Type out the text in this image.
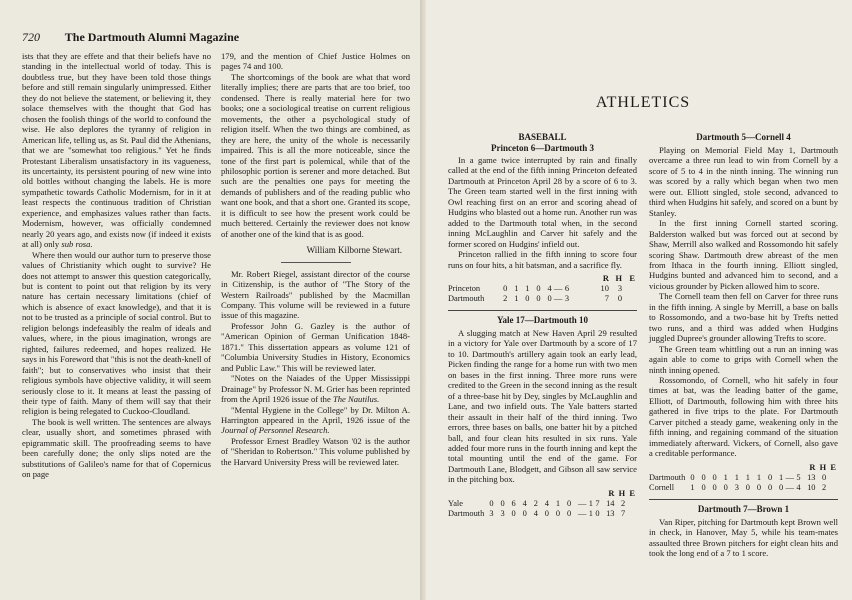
720 The Dartmouth Alumni Magazine

ists that they are effete and that their beliefs have no standing in the intellectual world of today. This is doubtless true, but they have been told those things before and still remain singularly unimpressed. Either they do not believe the statement, or believing it, they solace themselves with the thought that God has chosen the foolish things of the world to confound the wise. He also deplores the tyranny of religion in American life, telling us, as St. Paul did the Athenians, that we are "somewhat too religious." Yet he finds Protestant Liberalism unsatisfactory in its vagueness, its uncertainty, its persistent pouring of new wine into old bottles without changing the labels. He is more sympathetic towards Catholic Modernism, for in it at least respects the continuous tradition of Christian experience, and emphasizes values rather than facts. Modernism, however, was officially condemned nearly 20 years ago, and exists now (if indeed it exists at all) only sub rosa.

Where then would our author turn to preserve those values of Christianity which ought to survive? He does not attempt to answer this question categorically, but is content to point out that religion by its very nature has certain necessary limitations (chief of which is absence of exact knowledge), and that it is not to be trusted as a principle of social control. But to religion belongs indefeasibly the realm of ideals and values, where, in the pious imagination, wrongs are righted, failures redeemed, and hopes realized. He says in his Foreword that "this is not the death-knell of faith"; but to conservatives who insist that their religious symbols have objective validity, it will seem seriously close to it. It means at least the passing of their type of faith. Many of them will say that their religion is being relegated to Cuckoo-Cloudland.

The book is well written. The sentences are always clear, usually short, and sometimes phrased with epigrammatic skill. The proofreading seems to have been carefully done; the only slips noted are the substitutions of Galileo's name for that of Copernicus on page

179, and the mention of Chief Justice Holmes on pages 74 and 100.

The shortcomings of the book are what that word literally implies; there are parts that are too brief, too condensed. There is really material here for two books; one a sociological treatise on current religious movements, the other a psychological study of religion itself. When the two things are combined, as they are here, the unity of the whole is necessarily impaired. This is all the more noticeable, since the tone of the first part is polemical, while that of the philosophic portion is serener and more detached. But such are the penalties one pays for meeting the demands of publishers and of the reading public who want one book, and that a short one. Granted its scope, it is difficult to see how the present work could be much bettered. Certainly the reviewer does not know of another one of the kind that is as good.

William Kilborne Stewart.

Mr. Robert Riegel, assistant director of the course in Citizenship, is the author of "The Story of the Western Railroads" published by the Macmillan Company. This volume will be reviewed in a future issue of this magazine.

Professor John G. Gazley is the author of "American Opinion of German Unification 1848-1871." This dissertation appears as volume 121 of "Columbia University Studies in History, Economics and Public Law." This will be reviewed later.

"Notes on the Naiades of the Upper Mississippi Drainage" by Professor N. M. Grier has been reprinted from the April 1926 issue of the The Nautilus.

"Mental Hygiene in the College" by Dr. Milton A. Harrington appeared in the April, 1926 issue of the Journal of Personnel Research.

Professor Ernest Bradley Watson '02 is the author of "Sheridan to Robertson." This volume published by the Harvard University Press will be reviewed later.

ATHLETICS
BASEBALL
Princeton 6—Dartmouth 3

In a game twice interrupted by rain and finally called at the end of the fifth inning Princeton defeated Dartmouth at Princeton April 28 by a score of 6 to 3. The Green team started well in the first inning with Owl reaching first on an error and scoring ahead of Hudgins who blasted out a home run. Another run was added to the Dartmouth total when, in the second inning McLaughlin and Carver hit safely and the former scored on Hudgins' infield out.

Princeton rallied in the fifth inning to score four runs on four hits, a hit batsman, and a sacrifice fly.

		R	H	E
Princeton	0 1 1 0 4—6	10	3	
Dartmouth	2 1 0 0 0—3	7	0	
Yale 17—Dartmouth 10

A slugging match at New Haven April 29 resulted in a victory for Yale over Dartmouth by a score of 17 to 10. Dartmouth's artillery again took an early lead, Picken finding the range for a home run with two men on bases in the first inning. Three more runs were credited to the Green in the second inning as the result of a three-base hit by Dey, singles by McLaughlin and Lane, and two infield outs. The Yale batters started their assault in their half of the third inning. Two errors, three bases on balls, one batter hit by a pitched ball, and four clean hits resulted in six runs. Yale added four more runs in the fourth inning and kept the total mounting until the end of the game. For Dartmouth Lane, Blodgett, and Gibson all saw service in the pitching box.

		R	H	E
Yale	0 0 6 4 2 4 1 0 —17	14	2	
Dartmouth	3 3 0 0 4 0 0 0 —10	13	7	
Dartmouth 5—Cornell 4

Playing on Memorial Field May 1, Dartmouth overcame a three run lead to win from Cornell by a score of 5 to 4 in the ninth inning. The winning run was scored by a rally which began when two men were out. Elliott singled, stole second, advanced to third when Hudgins hit safely, and scored on a bunt by Stanley.

In the first inning Cornell started scoring. Balderston walked but was forced out at second by Shaw, Merrill also walked and Rossomondo hit safely scoring Shaw. Dartmouth drew abreast of the men from Ithaca in the fourth inning. Elliott singled, Hudgins bunted and advanced him to second, and a vicious grounder by Picken allowed him to score.

The Cornell team then fell on Carver for three runs in the fifth inning. A single by Merrill, a base on balls to Rossomondo, and a two-base hit by Trefts netted two runs, and a third was added when Hudgins juggled Dupree's grounder allowing Trefts to score.

The Green team whittling out a run an inning was again able to come to grips with Cornell when the ninth inning opened.

Rossomondo, of Cornell, who hit safely in four times at bat, was the leading batter of the game, Elliott, of Dartmouth, following him with three hits gathered in five trips to the plate. For Dartmouth Carver pitched a steady game, weakening only in the fifth inning, and regaining command of the situation immediately afterward. Vickers, of Cornell, also gave a creditable performance.

		R	H	E
Dartmouth	0 0 0 1 1 1 1 0 1—5	13	0	
Cornell	1 0 0 0 3 0 0 0 0—4	10	2	
Dartmouth 7—Brown 1

Van Riper, pitching for Dartmouth kept Brown well in check, in Hanover, May 5, while his team-mates assaulted three Brown pitchers for eight clean hits and took the long end of a 7 to 1 score.
